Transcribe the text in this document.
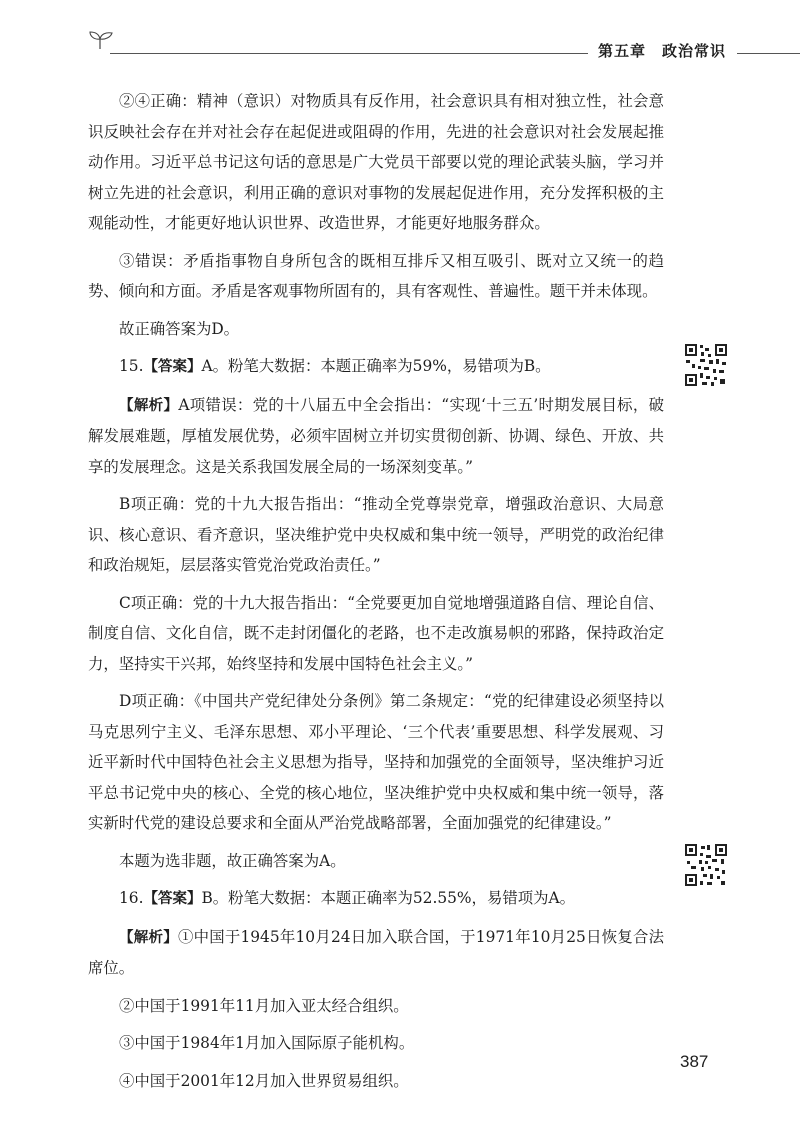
第五章　政治常识

②④正确：精神（意识）对物质具有反作用，社会意识具有相对独立性，社会意识反映社会存在并对社会存在起促进或阻碍的作用，先进的社会意识对社会发展起推动作用。习近平总书记这句话的意思是广大党员干部要以党的理论武装头脑，学习并树立先进的社会意识，利用正确的意识对事物的发展起促进作用，充分发挥积极的主观能动性，才能更好地认识世界、改造世界，才能更好地服务群众。

③错误：矛盾指事物自身所包含的既相互排斥又相互吸引、既对立又统一的趋势、倾向和方面。矛盾是客观事物所固有的，具有客观性、普遍性。题干并未体现。

故正确答案为D。

15.【答案】A。粉笔大数据：本题正确率为59%，易错项为B。

【解析】A项错误：党的十八届五中全会指出：“实现‘十三五’时期发展目标，破解发展难题，厚植发展优势，必须牢固树立并切实贯彻创新、协调、绿色、开放、共享的发展理念。这是关系我国发展全局的一场深刻变革。”

B项正确：党的十九大报告指出：“推动全党尊崇党章，增强政治意识、大局意识、核心意识、看齐意识，坚决维护党中央权威和集中统一领导，严明党的政治纪律和政治规矩，层层落实管党治党政治责任。”

C项正确：党的十九大报告指出：“全党要更加自觉地增强道路自信、理论自信、制度自信、文化自信，既不走封闭僵化的老路，也不走改旗易帜的邪路，保持政治定力，坚持实干兴邦，始终坚持和发展中国特色社会主义。”

D项正确：《中国共产党纪律处分条例》第二条规定：“党的纪律建设必须坚持以马克思列宁主义、毛泽东思想、邓小平理论、‘三个代表’重要思想、科学发展观、习近平新时代中国特色社会主义思想为指导，坚持和加强党的全面领导，坚决维护习近平总书记党中央的核心、全党的核心地位，坚决维护党中央权威和集中统一领导，落实新时代党的建设总要求和全面从严治党战略部署，全面加强党的纪律建设。”

本题为选非题，故正确答案为A。

16.【答案】B。粉笔大数据：本题正确率为52.55%，易错项为A。

【解析】①中国于1945年10月24日加入联合国，于1971年10月25日恢复合法席位。

②中国于1991年11月加入亚太经合组织。

③中国于1984年1月加入国际原子能机构。

④中国于2001年12月加入世界贸易组织。

387
